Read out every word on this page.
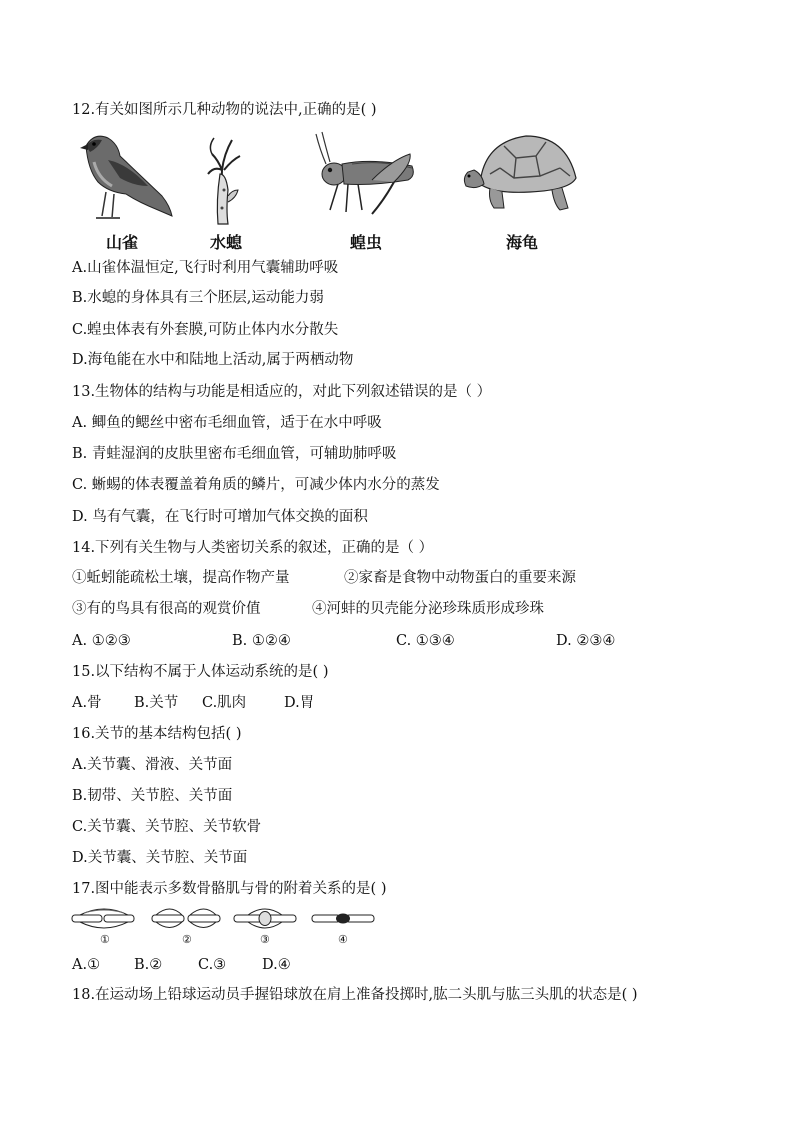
12.有关如图所示几种动物的说法中,正确的是( )
山雀	水螅	蝗虫	海龟
A.山雀体温恒定,飞行时利用气囊辅助呼吸
B.水螅的身体具有三个胚层,运动能力弱
C.蝗虫体表有外套膜,可防止体内水分散失
D.海龟能在水中和陆地上活动,属于两栖动物
13.生物体的结构与功能是相适应的，对此下列叙述错误的是（ ）
A. 鲫鱼的鳃丝中密布毛细血管，适于在水中呼吸
B. 青蛙湿润的皮肤里密布毛细血管，可辅助肺呼吸
C. 蜥蜴的体表覆盖着角质的鳞片，可减少体内水分的蒸发
D. 鸟有气囊，在飞行时可增加气体交换的面积
14.下列有关生物与人类密切关系的叙述，正确的是（ ）
①蚯蚓能疏松土壤，提高作物产量	②家畜是食物中动物蛋白的重要来源
③有的鸟具有很高的观赏价值	④河蚌的贝壳能分泌珍珠质形成珍珠
A. ①②③	B. ①②④	C. ①③④	D. ②③④
15.以下结构不属于人体运动系统的是( )
A.骨 B.关节 C.肌肉	D.胃
16.关节的基本结构包括( )
A.关节囊、滑液、关节面
B.韧带、关节腔、关节面
C.关节囊、关节腔、关节软骨
D.关节囊、关节腔、关节面
17.图中能表示多数骨骼肌与骨的附着关系的是( )
①	②	③	④
A.① B.② C.③ D.④
18.在运动场上铅球运动员手握铅球放在肩上准备投掷时,肱二头肌与肱三头肌的状态是( )
